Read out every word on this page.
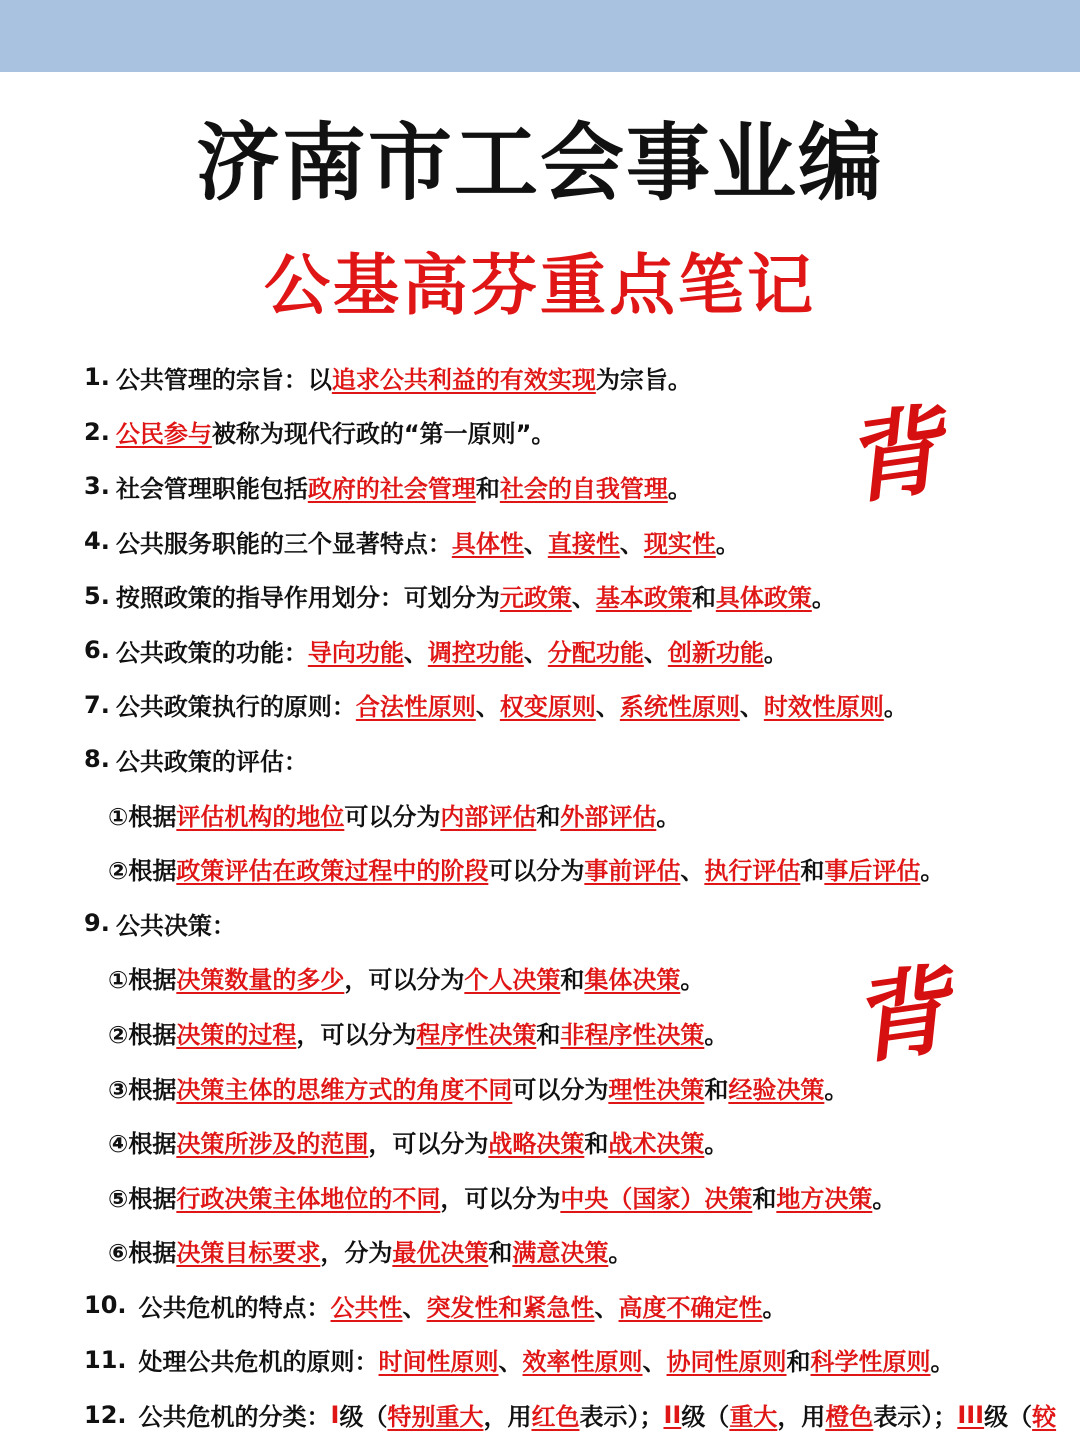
济南市工会事业编
公基高芬重点笔记
背
背
1. 公共管理的宗旨：以 追求公共利益的有效实现 为宗旨。
2. 公民参与 被称为现代行政的“第一原则”。
3. 社会管理职能包括 政府的社会管理 和 社会的自我管理 。
4. 公共服务职能的三个显著特点： 具体性 、 直接性 、 现实性 。
5. 按照政策的指导作用划分：可划分为 元政策 、 基本政策 和 具体政策 。
6. 公共政策的功能： 导向功能 、 调控功能 、 分配功能 、 创新功能 。
7. 公共政策执行的原则： 合法性原则 、 权变原则 、 系统性原则 、 时效性原则 。
8. 公共政策的评估：
①根据 评估机构的地位 可以分为 内部评估 和 外部评估 。
②根据 政策评估在政策过程中的阶段 可以分为 事前评估 、 执行评估 和 事后评估 。
9. 公共决策：
①根据 决策数量的多少 ，可以分为 个人决策 和 集体决策 。
②根据 决策的过程 ，可以分为 程序性决策 和 非程序性决策 。
③根据 决策主体的思维方式的角度不同 可以分为 理性决策 和 经验决策 。
④根据 决策所涉及的范围 ，可以分为 战略决策 和 战术决策 。
⑤根据 行政决策主体地位的不同 ，可以分为 中央（国家）决策 和 地方决策 。
⑥根据 决策目标要求 ，分为 最优决策 和 满意决策 。
10. 公共危机的特点： 公共性 、 突发性和紧急性 、 高度不确定性 。
11. 处理公共危机的原则： 时间性原则 、 效率性原则 、 协同性原则 和 科学性原则 。
12. 公共危机的分类： I 级（ 特别重大 ，用 红色 表示）； II 级（ 重大 ，用 橙色 表示）； III 级（ 较
